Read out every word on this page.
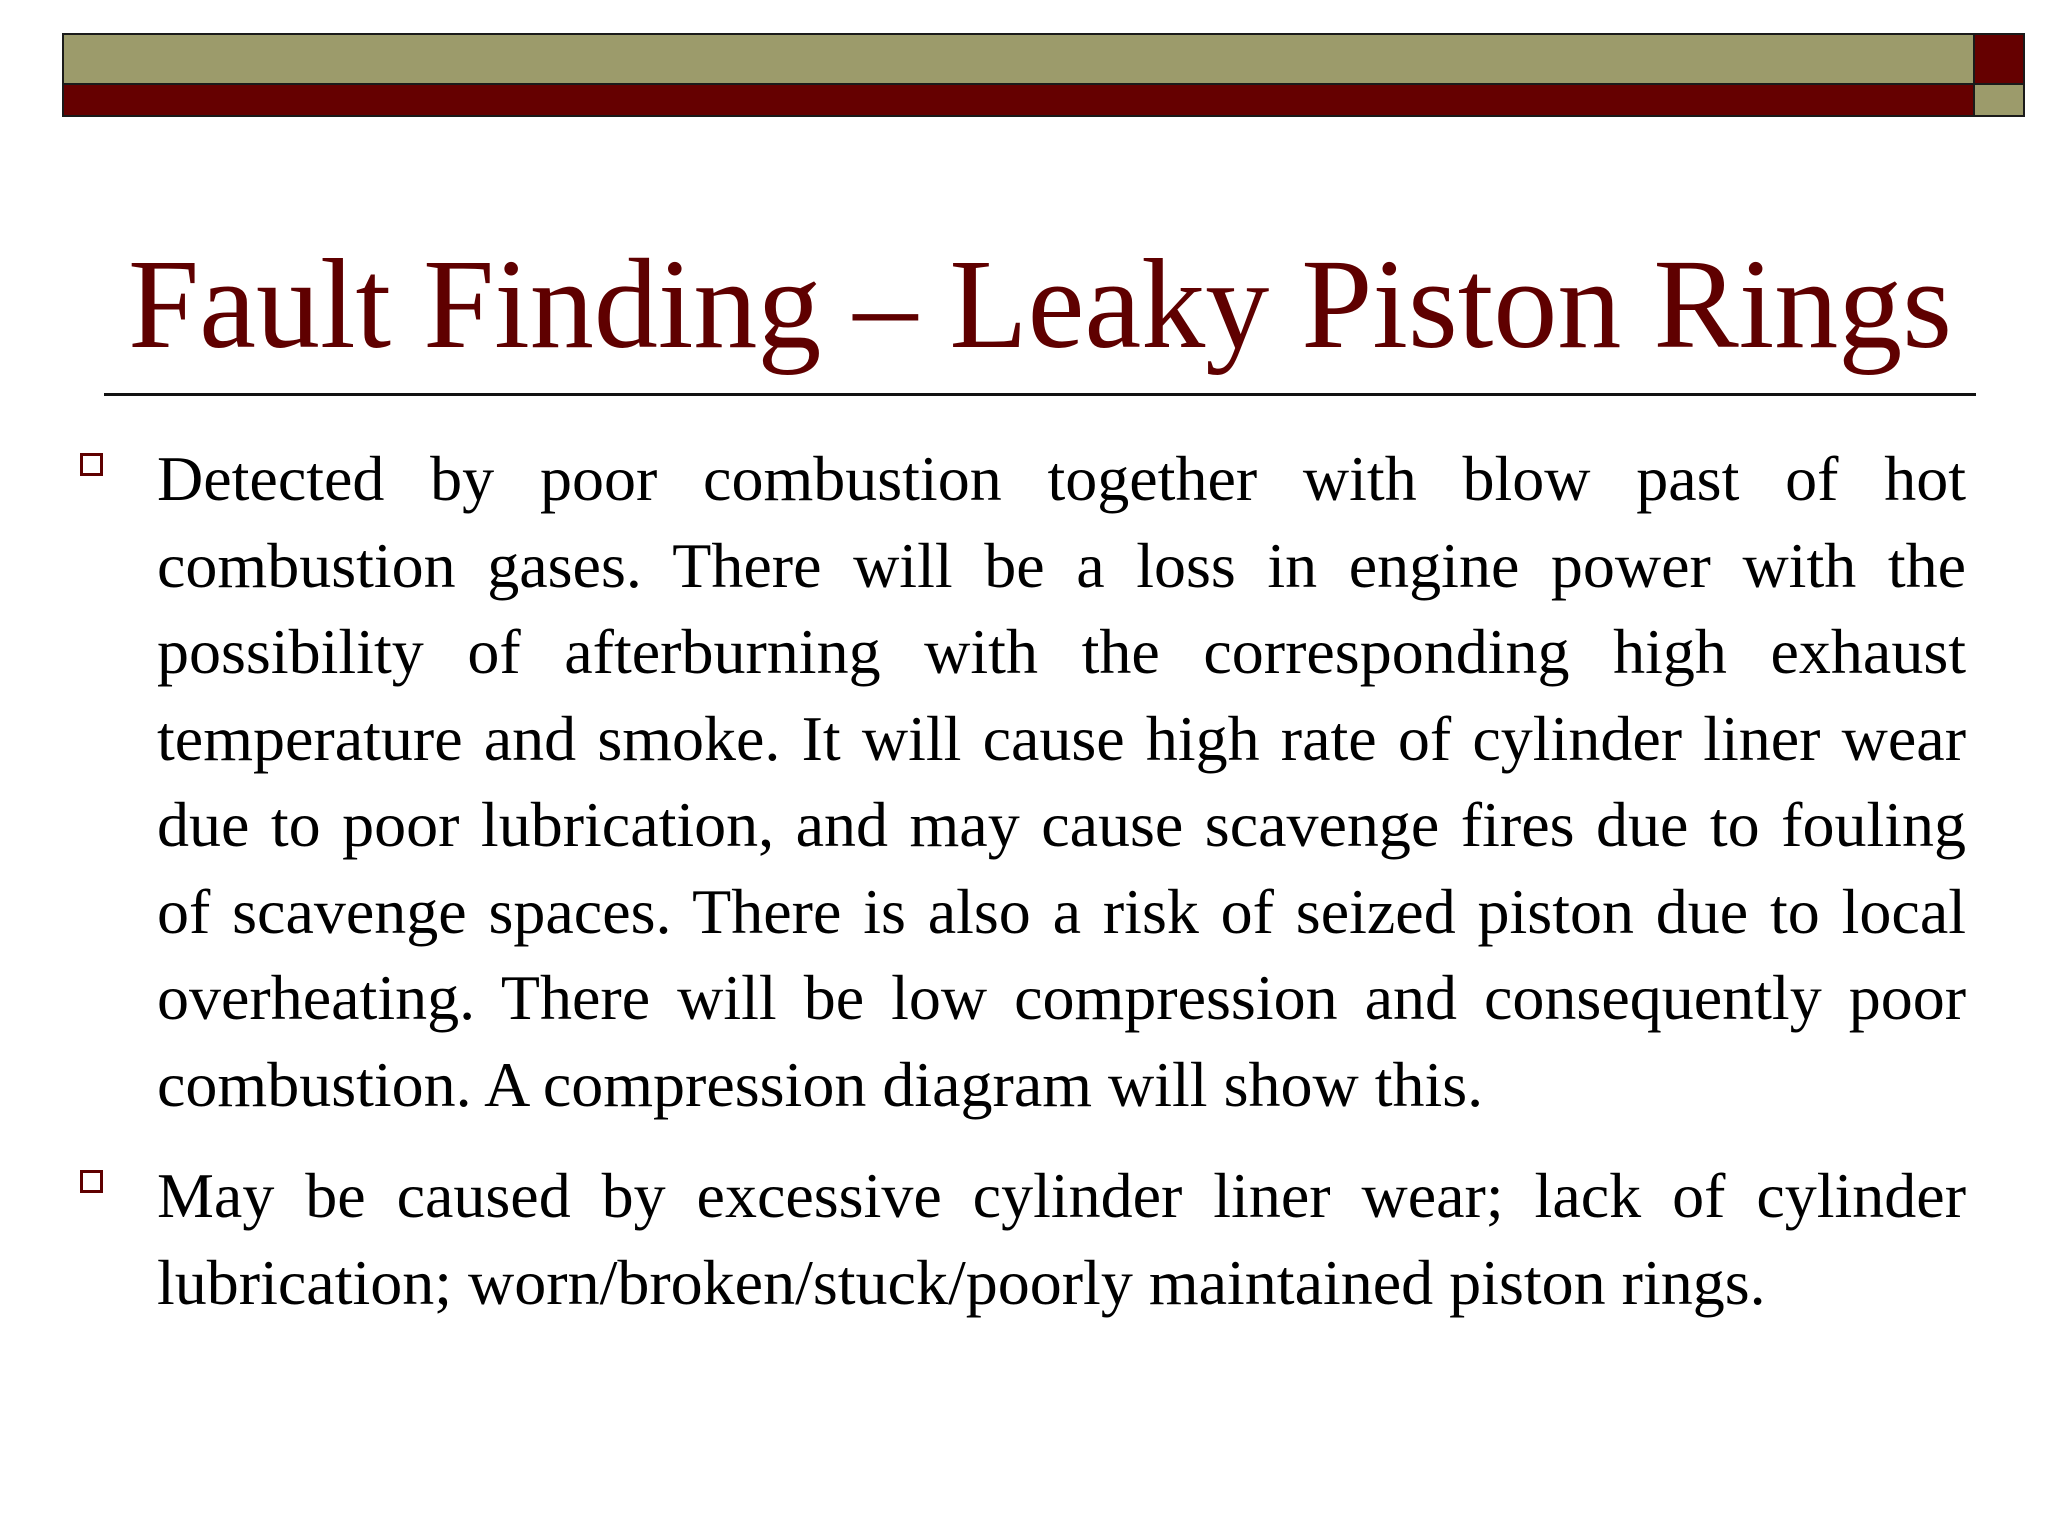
Fault Finding – Leaky Piston Rings
Detected by poor combustion together with blow past of hot combustion gases. There will be a loss in engine power with the possibility of afterburning with the corresponding high exhaust temperature and smoke. It will cause high rate of cylinder liner wear due to poor lubrication, and may cause scavenge fires due to fouling of scavenge spaces. There is also a risk of seized piston due to local overheating. There will be low compression and consequently poor combustion. A compression diagram will show this.
May be caused by excessive cylinder liner wear; lack of cylinder lubrication; worn/broken/stuck/poorly maintained piston rings.
